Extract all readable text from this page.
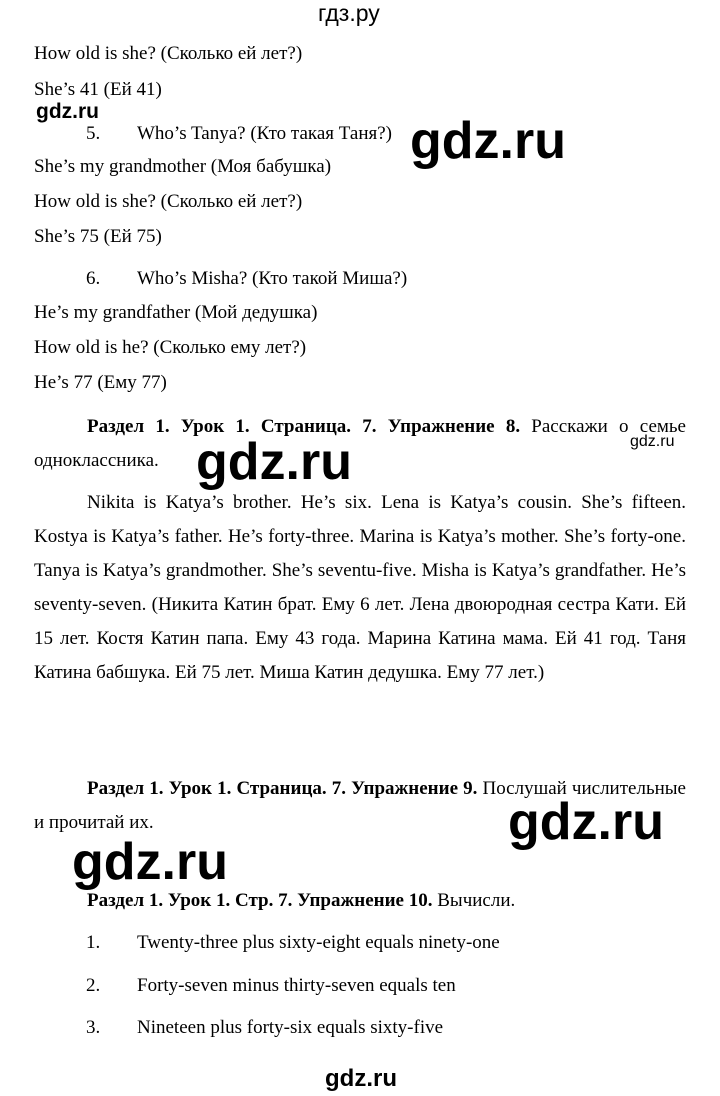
гдз.ру
How old is she? (Сколько ей лет?)
She’s 41 (Ей 41)
gdz.ru
5. Who’s Tanya? (Кто такая Таня?) gdz.ru
She’s my grandmother (Моя бабушка)
How old is she? (Сколько ей лет?)
She’s 75 (Ей 75)
6. Who’s Misha? (Кто такой Миша?)
He’s my grandfather (Мой дедушка)
How old is he? (Сколько ему лет?)
He’s 77 (Ему 77)
Раздел 1. Урок 1. Страница. 7. Упражнение 8. Расскажи о семье одноклассника.
gdz.ru
gdz.ru
Nikita is Katya’s brother. He’s six. Lena is Katya’s cousin. She’s fifteen. Kostya is Katya’s father. He’s forty-three. Marina is Katya’s mother. She’s forty-one. Tanya is Katya’s grandmother. She’s seventu-five. Misha is Katya’s grandfather. He’s seventy-seven. (Никита Катин брат. Ему 6 лет. Лена двоюродная сестра Кати. Ей 15 лет. Костя Катин папа. Ему 43 года. Марина Катина мама. Ей 41 год. Таня Катина бабшука. Ей 75 лет. Миша Катин дедушка. Ему 77 лет.)
Раздел 1. Урок 1. Страница. 7. Упражнение 9. Послушай числительные и прочитай их.	gdz.ru
gdz.ru
Раздел 1. Урок 1. Стр. 7. Упражнение 10. Вычисли.
1. Twenty-three plus sixty-eight equals ninety-one
2. Forty-seven minus thirty-seven equals ten
3. Nineteen plus forty-six equals sixty-five
gdz.ru
